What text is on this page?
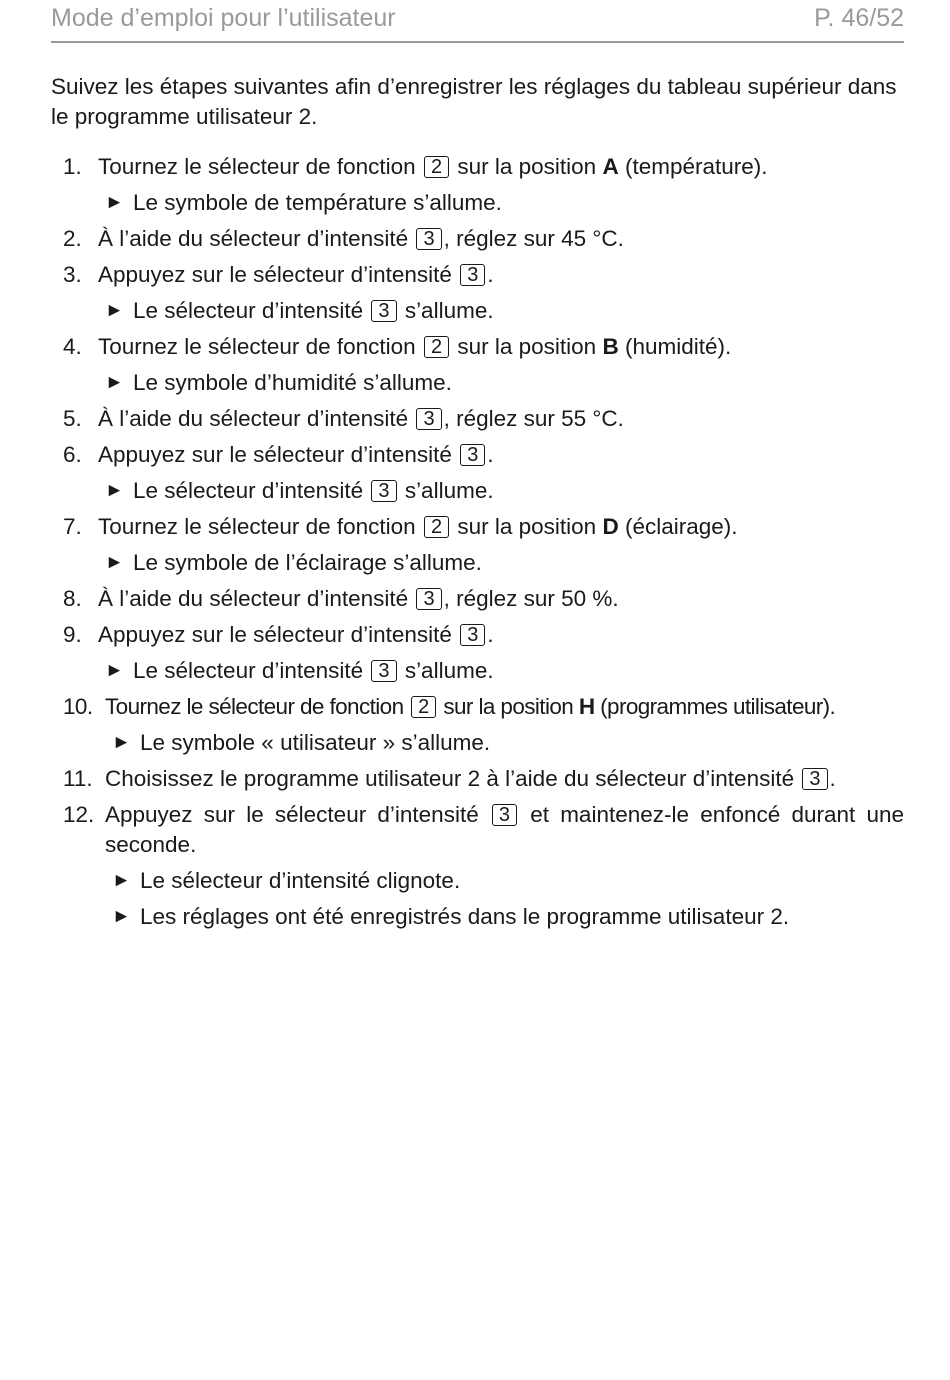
Mode d’emploi pour l’utilisateur	P. 46/52

Suivez les étapes suivantes afin d’enregistrer les réglages du tableau supérieur dans le programme utilisateur 2.

1. Tournez le sélecteur de fonction 2 sur la position A (température).
► Le symbole de température s’allume.
2. À l’aide du sélecteur d’intensité 3 , réglez sur 45 °C.
3. Appuyez sur le sélecteur d’intensité 3 .
► Le sélecteur d’intensité 3 s’allume.
4. Tournez le sélecteur de fonction 2 sur la position B (humidité).
► Le symbole d’humidité s’allume.
5. À l’aide du sélecteur d’intensité 3 , réglez sur 55 °C.
6. Appuyez sur le sélecteur d’intensité 3 .
► Le sélecteur d’intensité 3 s’allume.
7. Tournez le sélecteur de fonction 2 sur la position D (éclairage).
► Le symbole de l’éclairage s’allume.
8. À l’aide du sélecteur d’intensité 3 , réglez sur 50 %.
9. Appuyez sur le sélecteur d’intensité 3 .
► Le sélecteur d’intensité 3 s’allume.
10. Tournez le sélecteur de fonction 2 sur la position H (programmes utilisateur).
► Le symbole « utilisateur » s’allume.
11. Choisissez le programme utilisateur 2 à l’aide du sélecteur d’intensité 3 .
12. Appuyez sur le sélecteur d’intensité 3 et maintenez-le enfoncé durant une seconde.
► Le sélecteur d’intensité clignote.
► Les réglages ont été enregistrés dans le programme utilisateur 2.
